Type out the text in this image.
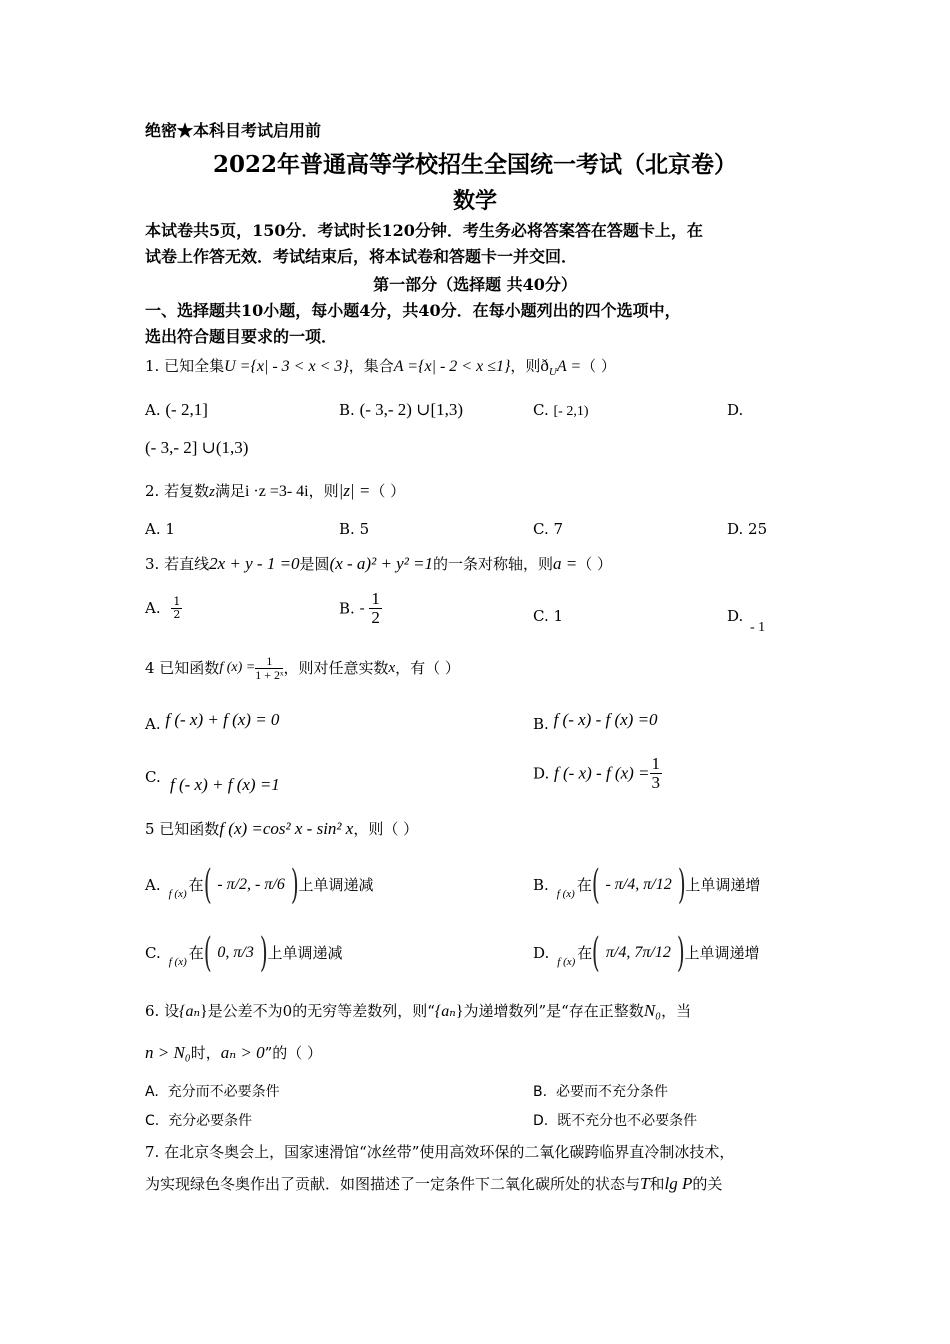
绝密★本科目考试启用前
2022年普通高等学校招生全国统一考试（北京卷）
数学
本试卷共5页，150分．考试时长120分钟．考生务必将答案答在答题卡上，在
试卷上作答无效．考试结束后，将本试卷和答题卡一并交回．
第一部分（选择题 共40分）
一、选择题共10小题，每小题4分，共40分．在每小题列出的四个选项中，
选出符合题目要求的一项．
1. 已知全集U ={x| - 3 < x < 3}，集合A ={x| - 2 < x ≤1}，则$ð_UA$ =（ ）
A. (- 2,1]	B. (- 3,- 2) ∪[1,3)	C. [- 2,1)	D.
(- 3,- 2] ∪(1,3)
2. 若复数z满足i ·z =3- 4i，则|z| =（ ）
A. 1	B. 5	C. 7	D. 25
3. 若直线2x + y - 1 =0是圆(x - a)² + y² =1的一条对称轴，则a =（ ）
A. $\frac{1}{2}$	B. - $\frac{1}{2}$	C. 1	D.
- 1
4 已知函数f $(x) = \frac{1}{\text{1 + 2ˣ}}$ ，则对任意实数x，有（ ）
A. f (- x) + f (x) = 0	B. f (- x) - f (x) =0
C. f (- x) + f (x) =1
D. f (- x) - f $(x) = \frac{1}{3}$
5 已知函数f (x) =cos² x - sin² x，则（ ）
A. f (x) 在 ( - π/2, - π/6 ) 上单调递减	B. f (x) 在 ( - π/4, π/12 ) 上单调递增
C. f (x) 在 ( 0, π/3 ) 上单调递减	D. f (x) 在 ( π/4, 7π/12 ) 上单调递增
6. 设{aₙ}是公差不为0的无穷等差数列，则“{aₙ}为递增数列”是“存在正整数N₀，当
n > N₀时，aₙ > 0”的（ ）
A. 充分而不必要条件	B. 必要而不充分条件
C. 充分必要条件	D. 既不充分也不必要条件
7. 在北京冬奥会上，国家速滑馆“冰丝带”使用高效环保的二氧化碳跨临界直冷制冰技术，
为实现绿色冬奥作出了贡献．如图描述了一定条件下二氧化碳所处的状态与T和lg P的关
